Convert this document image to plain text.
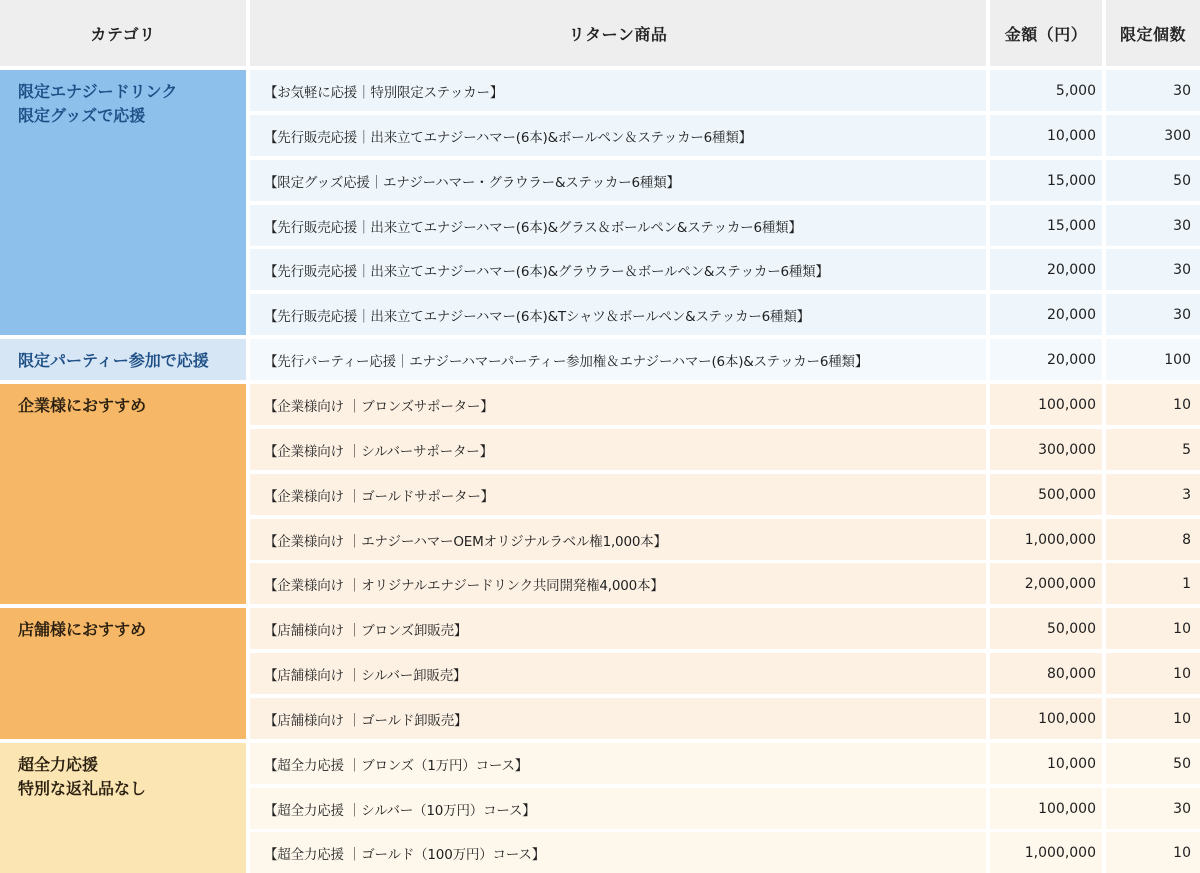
カテゴリ	リターン商品	金額（円）	限定個数
限定エナジードリンク
限定グッズで応援
【お気軽に応援｜特別限定ステッカー】	5,000	30
【先行販売応援｜出来立てエナジーハマー(6本)&ボールペン＆ステッカー6種類】	10,000	300
【限定グッズ応援｜エナジーハマー・グラウラー&ステッカー6種類】	15,000	50
【先行販売応援｜出来立てエナジーハマー(6本)&グラス＆ボールペン&ステッカー6種類】	15,000	30
【先行販売応援｜出来立てエナジーハマー(6本)&グラウラー＆ボールペン&ステッカー6種類】	20,000	30
【先行販売応援｜出来立てエナジーハマー(6本)&Tシャツ＆ボールペン&ステッカー6種類】	20,000	30
限定パーティー参加で応援	【先行パーティー応援｜エナジーハマーパーティー参加権＆エナジーハマー(6本)&ステッカー6種類】	20,000	100
企業様におすすめ	【企業様向け ｜ブロンズサポーター】	100,000	10
【企業様向け ｜シルバーサポーター】	300,000	5
【企業様向け ｜ゴールドサポーター】	500,000	3
【企業様向け ｜エナジーハマーOEMオリジナルラベル権1,000本】	1,000,000	8
【企業様向け ｜オリジナルエナジードリンク共同開発権4,000本】	2,000,000	1
店舗様におすすめ	【店舗様向け ｜ブロンズ卸販売】	50,000	10
【店舗様向け ｜シルバー卸販売】	80,000	10
【店舗様向け ｜ゴールド卸販売】	100,000	10
超全力応援
特別な返礼品なし
【超全力応援 ｜ブロンズ（1万円）コース】	10,000	50
【超全力応援 ｜シルバー（10万円）コース】	100,000	30
【超全力応援 ｜ゴールド（100万円）コース】	1,000,000	10
